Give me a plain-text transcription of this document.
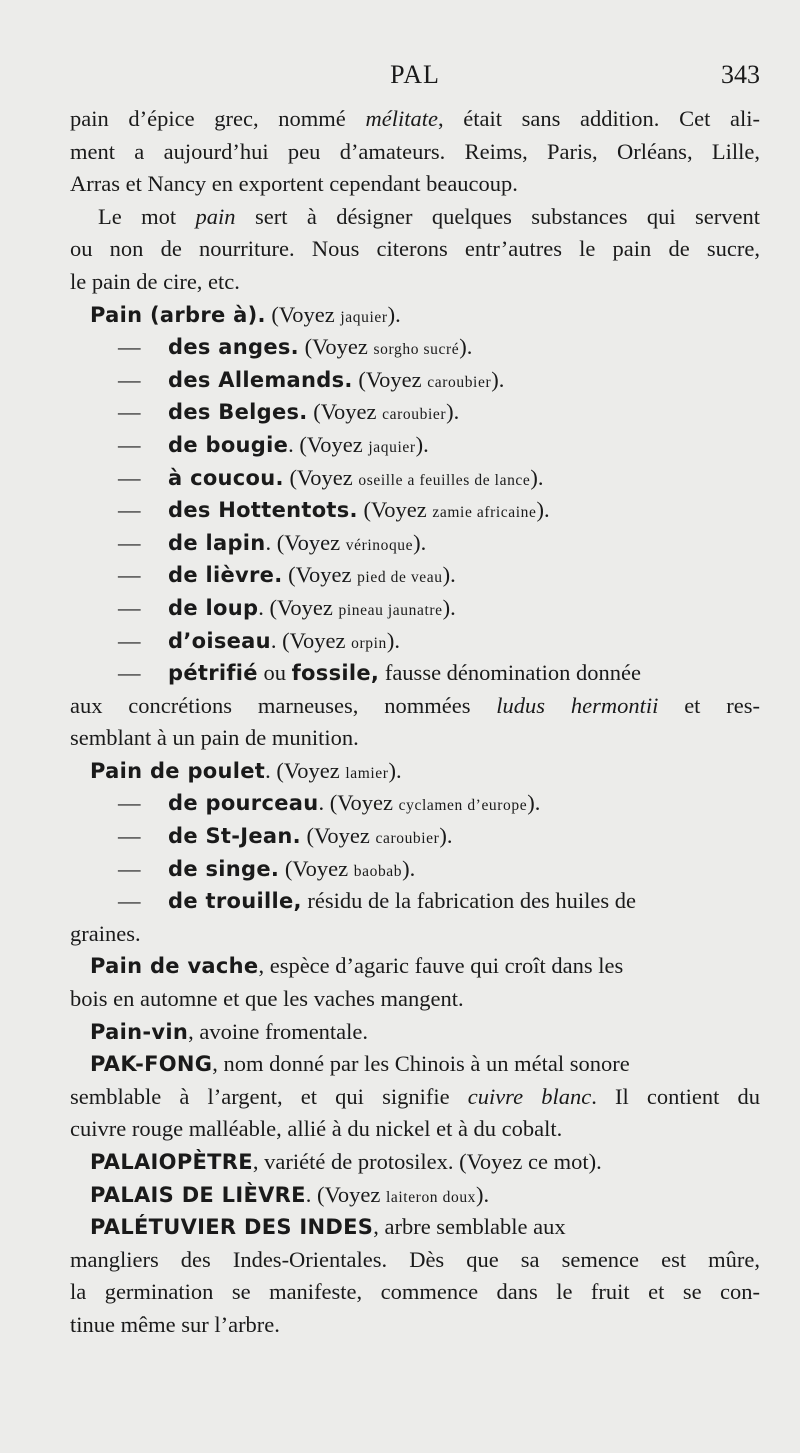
PAL	343
pain d’épice grec, nommé mélitate, était sans addition. Cet ali-
ment a aujourd’hui peu d’amateurs. Reims, Paris, Orléans, Lille,
Arras et Nancy en exportent cependant beaucoup.
Le mot pain sert à désigner quelques substances qui servent
ou non de nourriture. Nous citerons entr’autres le pain de sucre,
le pain de cire, etc.
Pain (arbre à). (Voyez jaquier).
— des anges. (Voyez sorgho sucré).
— des Allemands. (Voyez caroubier).
— des Belges. (Voyez caroubier).
— de bougie. (Voyez jaquier).
— à coucou. (Voyez oseille a feuilles de lance).
— des Hottentots. (Voyez zamie africaine).
— de lapin. (Voyez vérinoque).
— de lièvre. (Voyez pied de veau).
— de loup. (Voyez pineau jaunatre).
— d’oiseau. (Voyez orpin).
— pétrifié ou fossile, fausse dénomination donnée
aux concrétions marneuses, nommées ludus hermontii et res-
semblant à un pain de munition.
Pain de poulet. (Voyez lamier).
— de pourceau. (Voyez cyclamen d’europe).
— de St-Jean. (Voyez caroubier).
— de singe. (Voyez baobab).
— de trouille, résidu de la fabrication des huiles de
graines.
Pain de vache, espèce d’agaric fauve qui croît dans les
bois en automne et que les vaches mangent.
Pain-vin, avoine fromentale.
PAK-FONG, nom donné par les Chinois à un métal sonore
semblable à l’argent, et qui signifie cuivre blanc. Il contient du
cuivre rouge malléable, allié à du nickel et à du cobalt.
PALAIOPÈTRE, variété de protosilex. (Voyez ce mot).
PALAIS DE LIÈVRE. (Voyez laiteron doux).
PALÉTUVIER DES INDES, arbre semblable aux
mangliers des Indes-Orientales. Dès que sa semence est mûre,
la germination se manifeste, commence dans le fruit et se con-
tinue même sur l’arbre.
